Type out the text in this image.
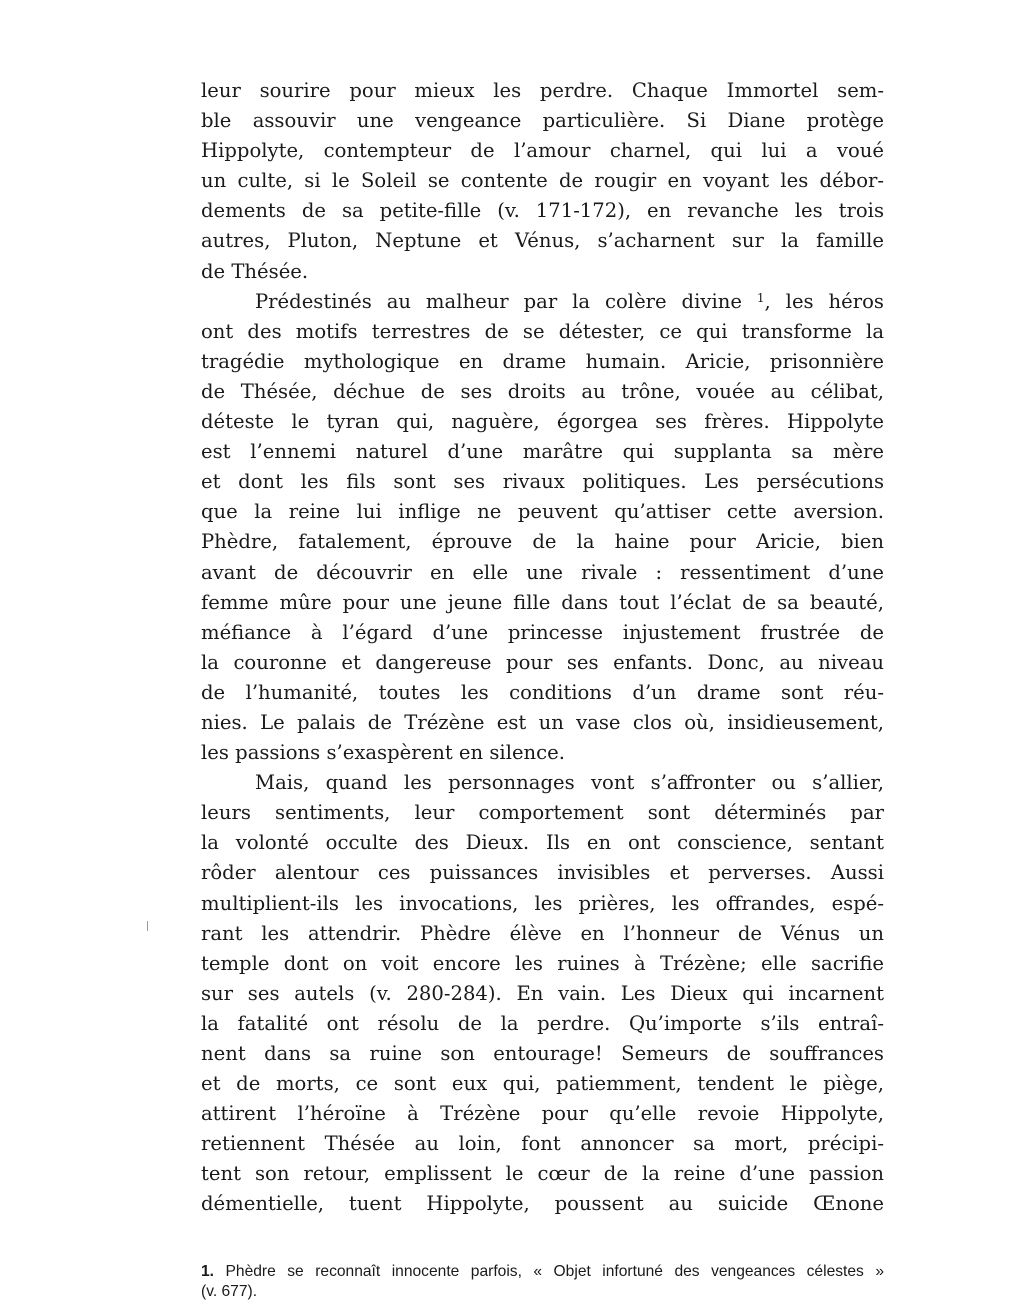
leur sourire pour mieux les perdre. Chaque Immortel sem-
ble assouvir une vengeance particulière. Si Diane protège
Hippolyte, contempteur de l’amour charnel, qui lui a voué
un culte, si le Soleil se contente de rougir en voyant les débor-
dements de sa petite-fille (v. 171-172), en revanche les trois
autres, Pluton, Neptune et Vénus, s’acharnent sur la famille
de Thésée.
Prédestinés au malheur par la colère divine $^1$, les héros
ont des motifs terrestres de se détester, ce qui transforme la
tragédie mythologique en drame humain. Aricie, prisonnière
de Thésée, déchue de ses droits au trône, vouée au célibat,
déteste le tyran qui, naguère, égorgea ses frères. Hippolyte
est l’ennemi naturel d’une marâtre qui supplanta sa mère
et dont les fils sont ses rivaux politiques. Les persécutions
que la reine lui inflige ne peuvent qu’attiser cette aversion.
Phèdre, fatalement, éprouve de la haine pour Aricie, bien
avant de découvrir en elle une rivale : ressentiment d’une
femme mûre pour une jeune fille dans tout l’éclat de sa beauté,
méfiance à l’égard d’une princesse injustement frustrée de
la couronne et dangereuse pour ses enfants. Donc, au niveau
de l’humanité, toutes les conditions d’un drame sont réu-
nies. Le palais de Trézène est un vase clos où, insidieusement,
les passions s’exaspèrent en silence.
Mais, quand les personnages vont s’affronter ou s’allier,
leurs sentiments, leur comportement sont déterminés par
la volonté occulte des Dieux. Ils en ont conscience, sentant
rôder alentour ces puissances invisibles et perverses. Aussi
multiplient-ils les invocations, les prières, les offrandes, espé-
rant les attendrir. Phèdre élève en l’honneur de Vénus un
temple dont on voit encore les ruines à Trézène; elle sacrifie
sur ses autels (v. 280-284). En vain. Les Dieux qui incarnent
la fatalité ont résolu de la perdre. Qu’importe s’ils entraî-
nent dans sa ruine son entourage! Semeurs de souffrances
et de morts, ce sont eux qui, patiemment, tendent le piège,
attirent l’héroïne à Trézène pour qu’elle revoie Hippolyte,
retiennent Thésée au loin, font annoncer sa mort, précipi-
tent son retour, emplissent le cœur de la reine d’une passion
démentielle, tuent Hippolyte, poussent au suicide Œnone
1. Phèdre se reconnaît innocente parfois, « Objet infortuné des vengeances célestes »
(v. 677).
